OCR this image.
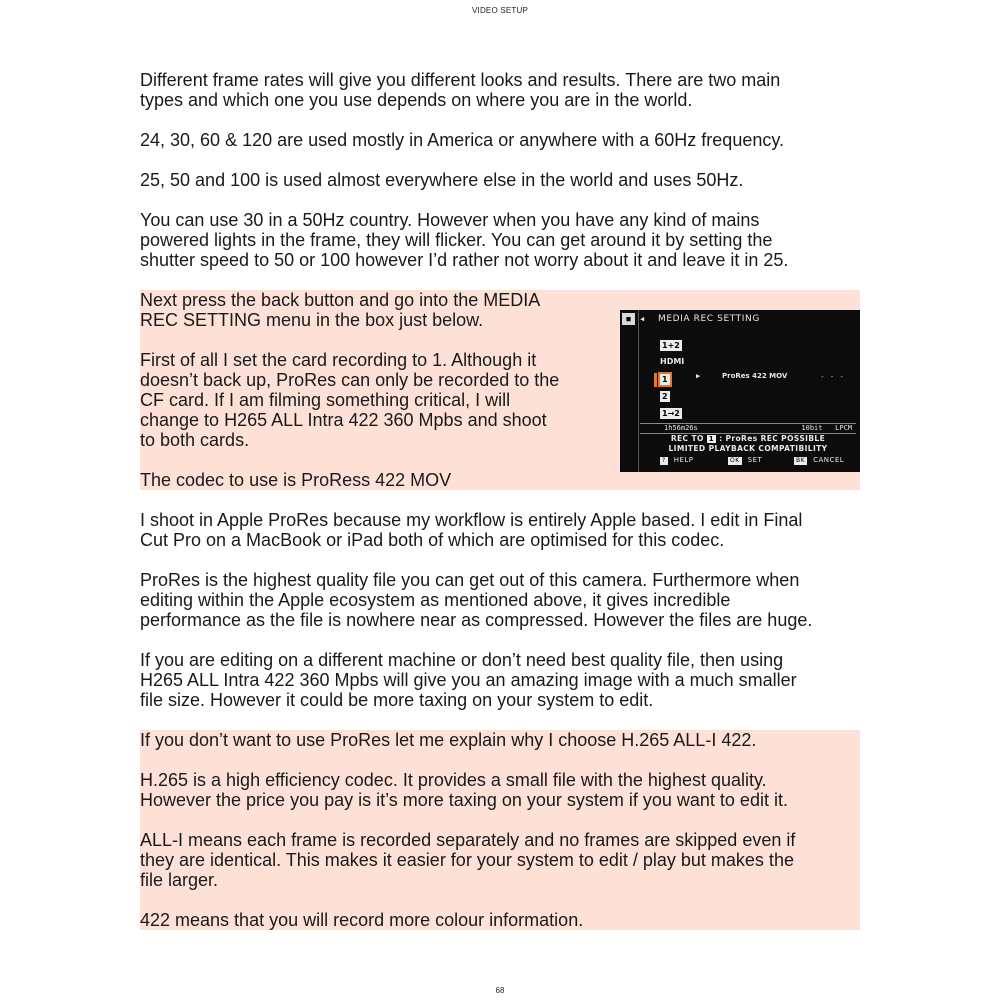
VIDEO SETUP

Different frame rates will give you different looks and results. There are two main
types and which one you use depends on where you are in the world.

24, 30, 60 & 120 are used mostly in America or anywhere with a 60Hz frequency.

25, 50 and 100 is used almost everywhere else in the world and uses 50Hz.

You can use 30 in a 50Hz country. However when you have any kind of mains
powered lights in the frame, they will flicker. You can get around it by setting the
shutter speed to 50 or 100 however I’d rather not worry about it and leave it in 25.

Next press the back button and go into the MEDIA
REC SETTING menu in the box just below.

First of all I set the card recording to 1. Although it
doesn’t back up, ProRes can only be recorded to the
CF card. If I am filming something critical, I will
change to H265 ALL Intra 422 360 Mpbs and shoot
to both cards.

The codec to use is ProRess 422 MOV

■	◀ MEDIA REC SETTING
1+2
HDMI
1
2
1→2
▶	ProRes 422 MOV	- - -
1h56m26s	10bit LPCM
REC TO 1 : ProRes REC POSSIBLE
LIMITED PLAYBACK COMPATIBILITY
? HELP	OK SET	BK CANCEL

I shoot in Apple ProRes because my workflow is entirely Apple based. I edit in Final
Cut Pro on a MacBook or iPad both of which are optimised for this codec.

ProRes is the highest quality file you can get out of this camera. Furthermore when
editing within the Apple ecosystem as mentioned above, it gives incredible
performance as the file is nowhere near as compressed. However the files are huge.

If you are editing on a different machine or don’t need best quality file, then using
H265 ALL Intra 422 360 Mpbs will give you an amazing image with a much smaller
file size. However it could be more taxing on your system to edit.

If you don’t want to use ProRes let me explain why I choose H.265 ALL-I 422.

H.265 is a high efficiency codec. It provides a small file with the highest quality.
However the price you pay is it’s more taxing on your system if you want to edit it.

ALL-I means each frame is recorded separately and no frames are skipped even if
they are identical. This makes it easier for your system to edit / play but makes the
file larger.

422 means that you will record more colour information.

68
